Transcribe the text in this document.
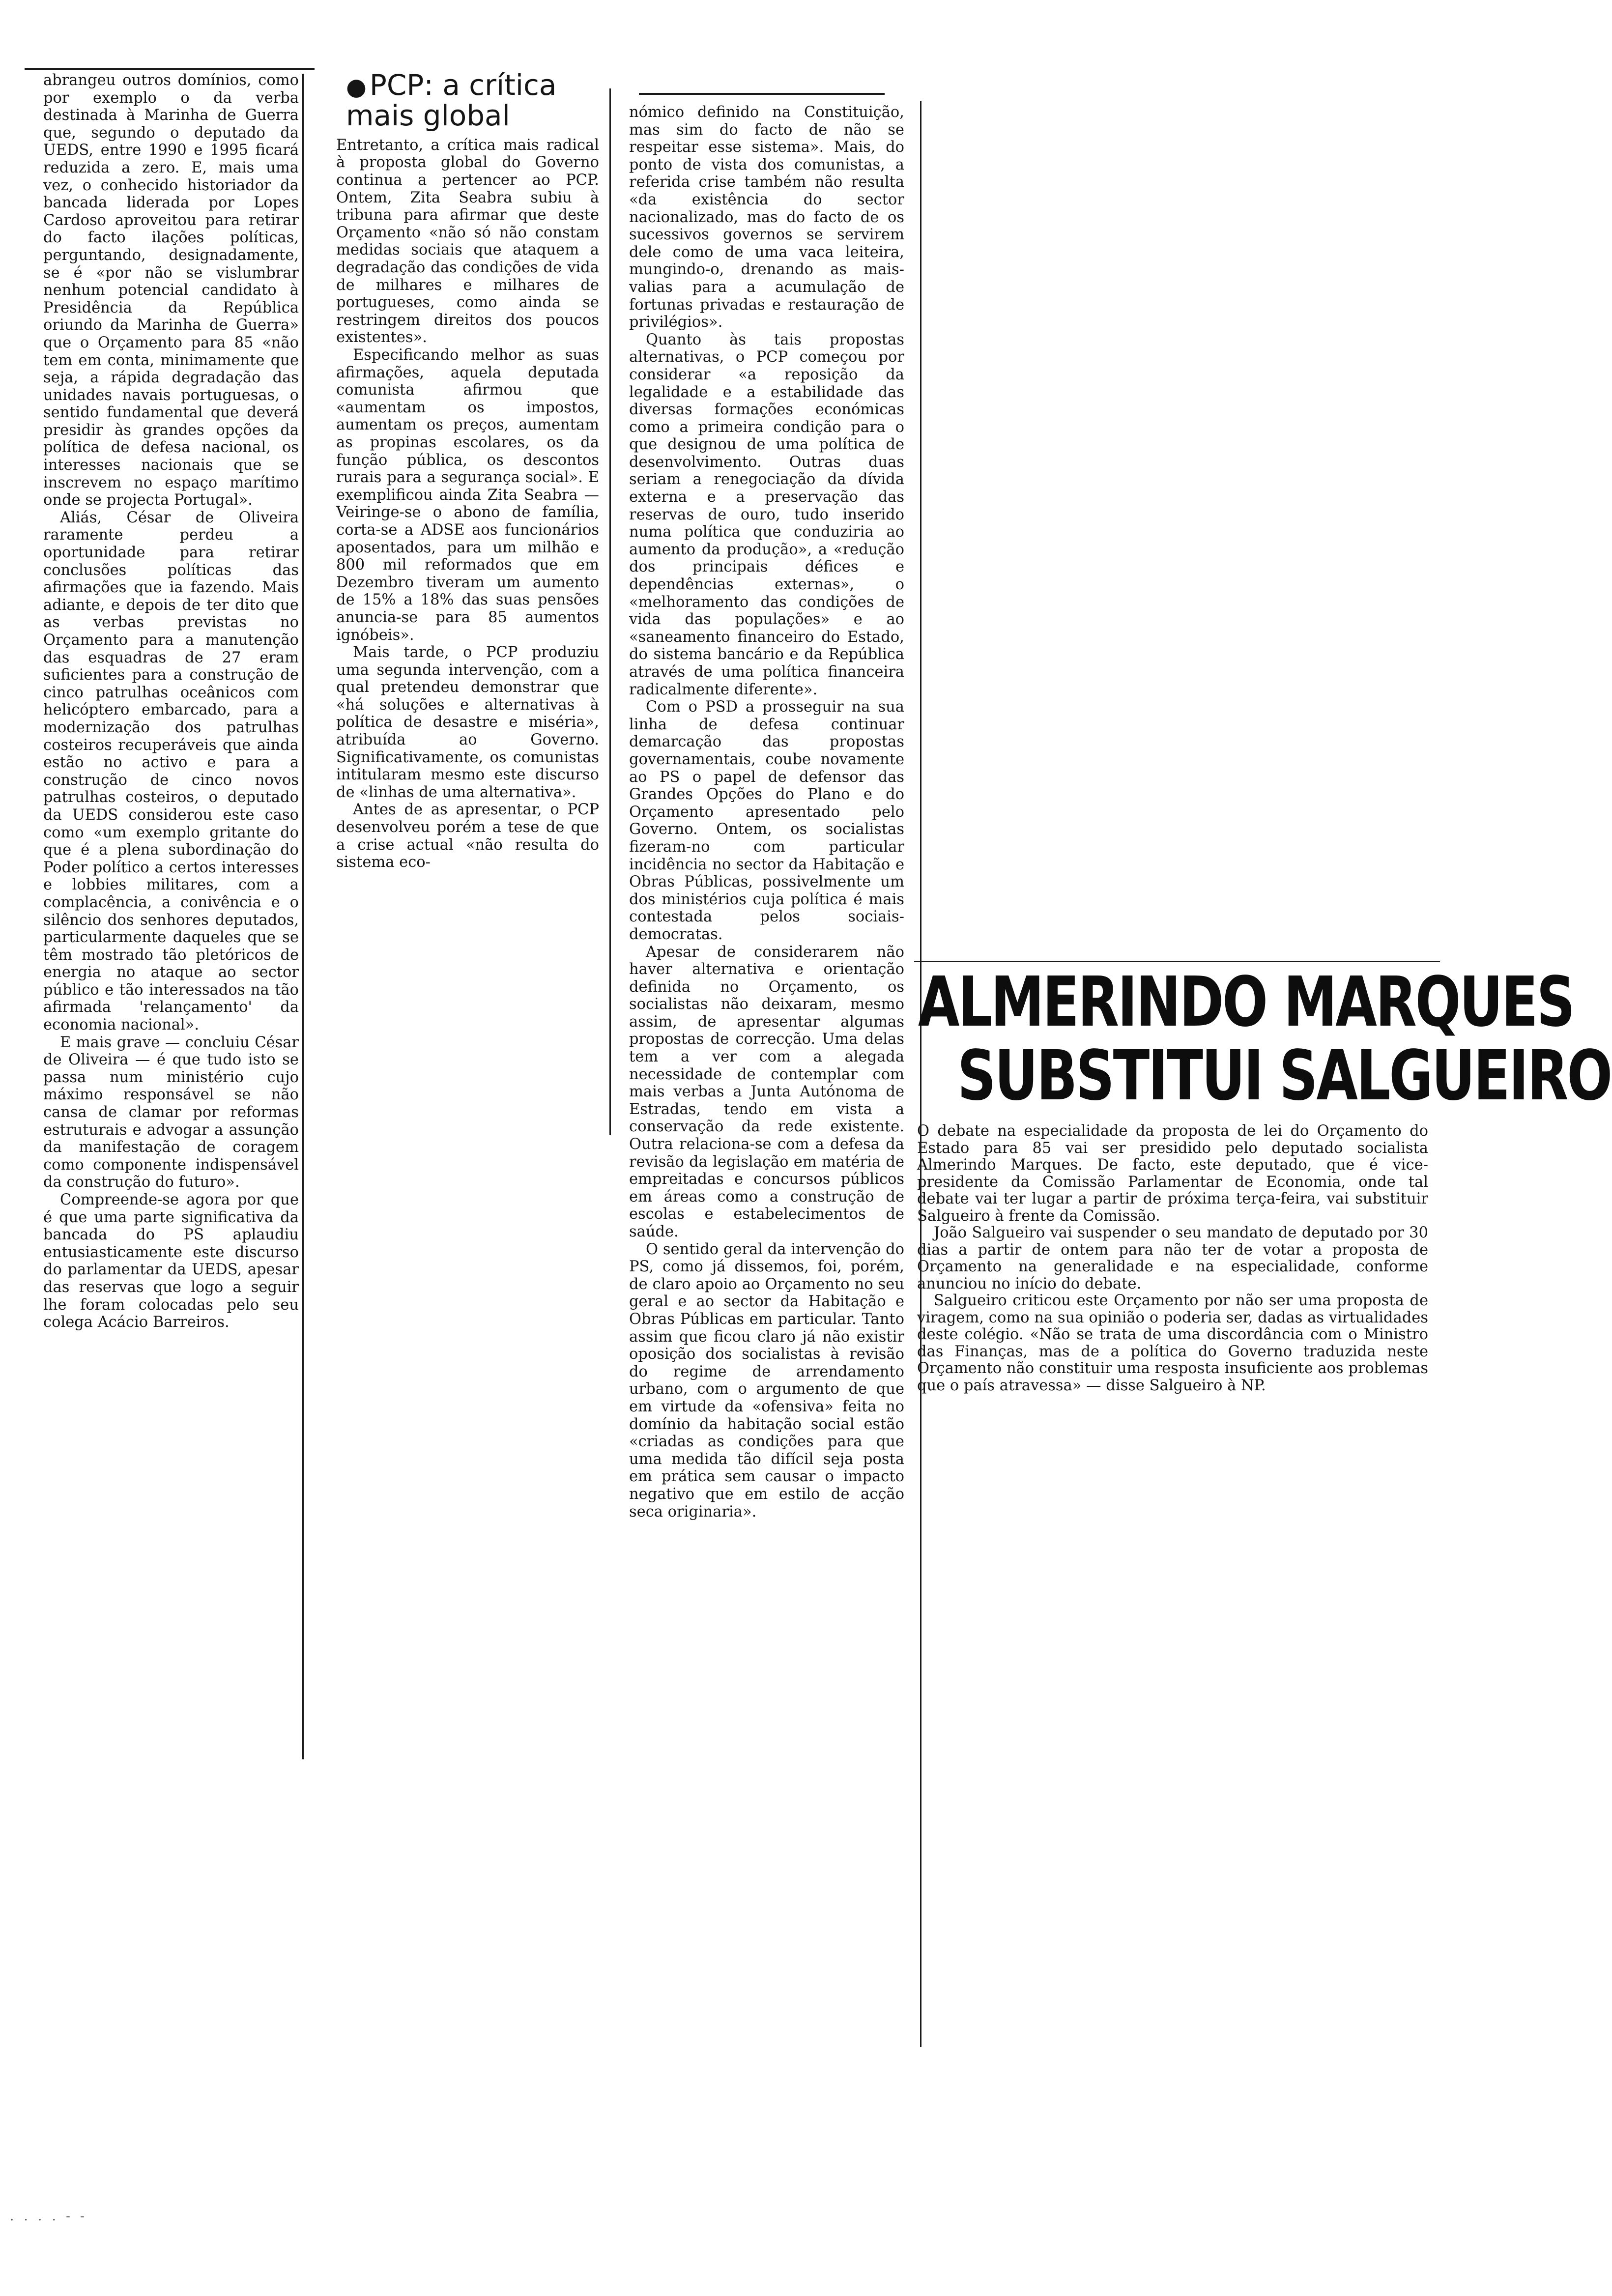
abrangeu outros domínios, como por exemplo o da verba destinada à Marinha de Guerra que, segundo o deputado da UEDS, entre 1990 e 1995 ficará reduzida a zero. E, mais uma vez, o conhecido historiador da bancada liderada por Lopes Cardoso aproveitou para retirar do facto ilações políticas, perguntando, designadamente, se é «por não se vislumbrar nenhum potencial candidato à Presidência da República oriundo da Marinha de Guerra» que o Orçamento para 85 «não tem em conta, minimamente que seja, a rápida degradação das unidades navais portuguesas, o sentido fundamental que deverá presidir às grandes opções da política de defesa nacional, os interesses nacionais que se inscrevem no espaço marítimo onde se projecta Portugal».

Aliás, César de Oliveira raramente perdeu a oportunidade para retirar conclusões políticas das afirmações que ia fazendo. Mais adiante, e depois de ter dito que as verbas previstas no Orçamento para a manutenção das esquadras de 27 eram suficientes para a construção de cinco patrulhas oceânicos com helicóptero embarcado, para a modernização dos patrulhas costeiros recuperáveis que ainda estão no activo e para a construção de cinco novos patrulhas costeiros, o deputado da UEDS considerou este caso como «um exemplo gritante do que é a plena subordinação do Poder político a certos interesses e lobbies militares, com a complacência, a conivência e o silêncio dos senhores deputados, particularmente daqueles que se têm mostrado tão pletóricos de energia no ataque ao sector público e tão interessados na tão afirmada 'relançamento' da economia nacional».

E mais grave — concluiu César de Oliveira — é que tudo isto se passa num ministério cujo máximo responsável se não cansa de clamar por reformas estruturais e advogar a assunção da manifestação de coragem como componente indispensável da construção do futuro».

Compreende-se agora por que é que uma parte significativa da bancada do PS aplaudiu entusiasticamente este discurso do parlamentar da UEDS, apesar das reservas que logo a seguir lhe foram colocadas pelo seu colega Acácio Barreiros.

● PCP: a crítica mais global

Entretanto, a crítica mais radical à proposta global do Governo continua a pertencer ao PCP. Ontem, Zita Seabra subiu à tribuna para afirmar que deste Orçamento «não só não constam medidas sociais que ataquem a degradação das condições de vida de milhares e milhares de portugueses, como ainda se restringem direitos dos poucos existentes».

Especificando melhor as suas afirmações, aquela deputada comunista afirmou que «aumentam os impostos, aumentam os preços, aumentam as propinas escolares, os da função pública, os descontos rurais para a segurança social». E exemplificou ainda Zita Seabra — Veiringe-se o abono de família, corta-se a ADSE aos funcionários aposentados, para um milhão e 800 mil reformados que em Dezembro tiveram um aumento de 15% a 18% das suas pensões anuncia-se para 85 aumentos ignóbeis».

Mais tarde, o PCP produziu uma segunda intervenção, com a qual pretendeu demonstrar que «há soluções e alternativas à política de desastre e miséria», atribuída ao Governo. Significativamente, os comunistas intitularam mesmo este discurso de «linhas de uma alternativa».

Antes de as apresentar, o PCP desenvolveu porém a tese de que a crise actual «não resulta do sistema eco-

nómico definido na Constituição, mas sim do facto de não se respeitar esse sistema». Mais, do ponto de vista dos comunistas, a referida crise também não resulta «da existência do sector nacionalizado, mas do facto de os sucessivos governos se servirem dele como de uma vaca leiteira, mungindo-o, drenando as mais-valias para a acumulação de fortunas privadas e restauração de privilégios».

Quanto às tais propostas alternativas, o PCP começou por considerar «a reposição da legalidade e a estabilidade das diversas formações económicas como a primeira condição para o que designou de uma política de desenvolvimento. Outras duas seriam a renegociação da dívida externa e a preservação das reservas de ouro, tudo inserido numa política que conduziria ao aumento da produção», a «redução dos principais défices e dependências externas», o «melhoramento das condições de vida das populações» e ao «saneamento financeiro do Estado, do sistema bancário e da República através de uma política financeira radicalmente diferente».

Com o PSD a prosseguir na sua linha de defesa continuar demarcação das propostas governamentais, coube novamente ao PS o papel de defensor das Grandes Opções do Plano e do Orçamento apresentado pelo Governo. Ontem, os socialistas fizeram-no com particular incidência no sector da Habitação e Obras Públicas, possivelmente um dos ministérios cuja política é mais contestada pelos sociais-democratas.

Apesar de considerarem não haver alternativa e orientação definida no Orçamento, os socialistas não deixaram, mesmo assim, de apresentar algumas propostas de correcção. Uma delas tem a ver com a alegada necessidade de contemplar com mais verbas a Junta Autónoma de Estradas, tendo em vista a conservação da rede existente. Outra relaciona-se com a defesa da revisão da legislação em matéria de empreitadas e concursos públicos em áreas como a construção de escolas e estabelecimentos de saúde.

O sentido geral da intervenção do PS, como já dissemos, foi, porém, de claro apoio ao Orçamento no seu geral e ao sector da Habitação e Obras Públicas em particular. Tanto assim que ficou claro já não existir oposição dos socialistas à revisão do regime de arrendamento urbano, com o argumento de que em virtude da «ofensiva» feita no domínio da habitação social estão «criadas as condições para que uma medida tão difícil seja posta em prática sem causar o impacto negativo que em estilo de acção seca originaria».

ALMERINDO MARQUES
SUBSTITUI SALGUEIRO

O debate na especialidade da proposta de lei do Orçamento do Estado para 85 vai ser presidido pelo deputado socialista Almerindo Marques. De facto, este deputado, que é vice-presidente da Comissão Parlamentar de Economia, onde tal debate vai ter lugar a partir de próxima terça-feira, vai substituir Salgueiro à frente da Comissão.

João Salgueiro vai suspender o seu mandato de deputado por 30 dias a partir de ontem para não ter de votar a proposta de Orçamento na generalidade e na especialidade, conforme anunciou no início do debate.

Salgueiro criticou este Orçamento por não ser uma proposta de viragem, como na sua opinião o poderia ser, dadas as virtualidades deste colégio. «Não se trata de uma discordância com o Ministro das Finanças, mas de a política do Governo traduzida neste Orçamento não constituir uma resposta insuficiente aos problemas que o país atravessa» — disse Salgueiro à NP.

. . . . - -
